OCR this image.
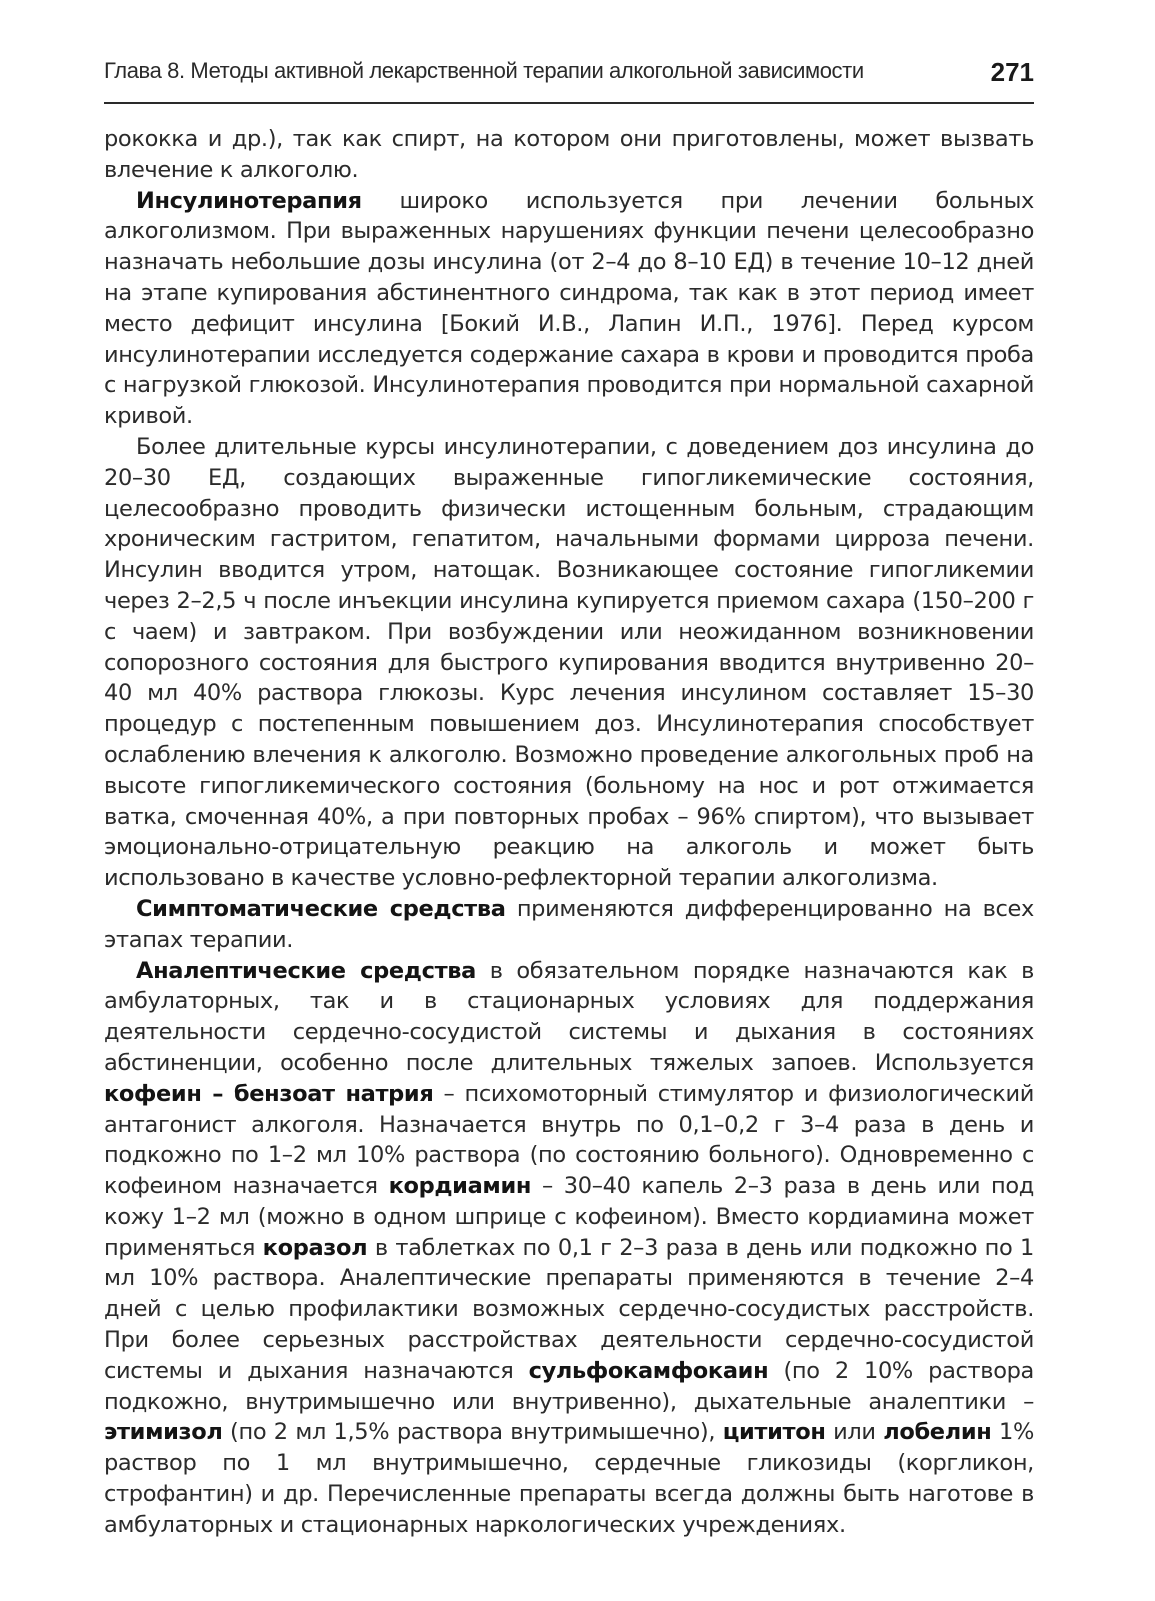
Глава 8. Методы активной лекарственной терапии алкогольной зависимости	271

рококка и др.), так как спирт, на котором они приготовлены, может вызвать влечение к алкоголю.

Инсулинотерапия широко используется при лечении больных алкоголизмом. При выраженных нарушениях функции печени целесообразно назначать небольшие дозы инсулина (от 2–4 до 8–10 ЕД) в течение 10–12 дней на этапе купирования абстинентного синдрома, так как в этот период имеет место дефицит инсулина [Бокий И.В., Лапин И.П., 1976]. Перед курсом инсулинотерапии исследуется содержание сахара в крови и проводится проба с нагрузкой глюкозой. Инсулинотерапия проводится при нормальной сахарной кривой.

Более длительные курсы инсулинотерапии, с доведением доз инсулина до 20–30 ЕД, создающих выраженные гипогликемические состояния, целесообразно проводить физически истощенным больным, страдающим хроническим гастритом, гепатитом, начальными формами цирроза печени. Инсулин вводится утром, натощак. Возникающее состояние гипогликемии через 2–2,5 ч после инъекции инсулина купируется приемом сахара (150–200 г с чаем) и завтраком. При возбуждении или неожиданном возникновении сопорозного состояния для быстрого купирования вводится внутривенно 20–40 мл 40% раствора глюкозы. Курс лечения инсулином составляет 15–30 процедур с постепенным повышением доз. Инсулинотерапия способствует ослаблению влечения к алкоголю. Возможно проведение алкогольных проб на высоте гипогликемического состояния (больному на нос и рот отжимается ватка, смоченная 40%, а при повторных пробах – 96% спиртом), что вызывает эмоционально-отрицательную реакцию на алкоголь и может быть использовано в качестве условно-рефлекторной терапии алкоголизма.

Симптоматические средства применяются дифференцированно на всех этапах терапии.

Аналептические средства в обязательном порядке назначаются как в амбулаторных, так и в стационарных условиях для поддержания деятельности сердечно-сосудистой системы и дыхания в состояниях абстиненции, особенно после длительных тяжелых запоев. Используется кофеин – бензоат натрия – психомоторный стимулятор и физиологический антагонист алкоголя. Назначается внутрь по 0,1–0,2 г 3–4 раза в день и подкожно по 1–2 мл 10% раствора (по состоянию больного). Одновременно с кофеином назначается кордиамин – 30–40 капель 2–3 раза в день или под кожу 1–2 мл (можно в одном шприце с кофеином). Вместо кордиамина может применяться коразол в таблетках по 0,1 г 2–3 раза в день или подкожно по 1 мл 10% раствора. Аналептические препараты применяются в течение 2–4 дней с целью профилактики возможных сердечно-сосудистых расстройств. При более серьезных расстройствах деятельности сердечно-сосудистой системы и дыхания назначаются сульфокамфокаин (по 2 10% раствора подкожно, внутримышечно или внутривенно), дыхательные аналептики – этимизол (по 2 мл 1,5% раствора внутримышечно), цититон или лобелин 1% раствор по 1 мл внутримышечно, сердечные гликозиды (коргликон, строфантин) и др. Перечисленные препараты всегда должны быть наготове в амбулаторных и стационарных наркологических учреждениях.
